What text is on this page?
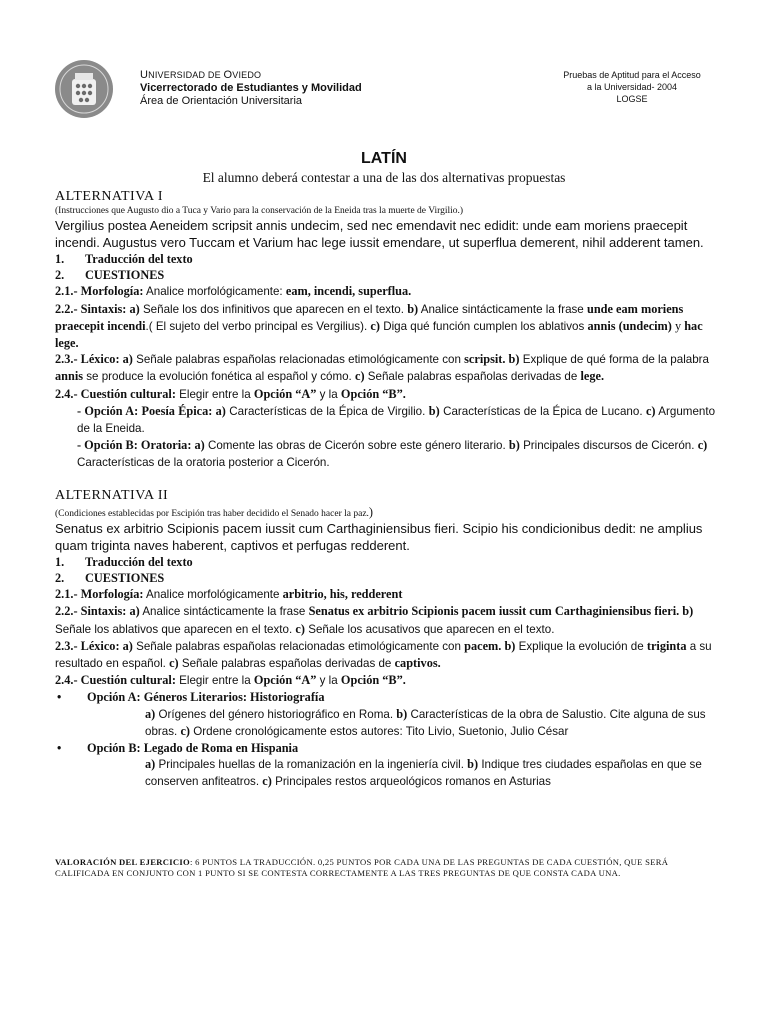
UNIVERSIDAD DE OVIEDO
Vicerrectorado de Estudiantes y Movilidad
Área de Orientación Universitaria
Pruebas de Aptitud para el Acceso
a la Universidad- 2004
LOGSE
LATÍN
El alumno deberá contestar a una de las dos alternativas propuestas

ALTERNATIVA I

(Instrucciones que Augusto dio a Tuca y Vario para la conservación de la Eneida tras la muerte de Virgilio.)

Vergilius postea Aeneidem scripsit annis undecim, sed nec emendavit nec edidit: unde eam moriens praecepit incendi. Augustus vero Tuccam et Varium hac lege iussit emendare, ut superflua demerent, nihil adderent tamen.

1. Traducción del texto

2. CUESTIONES

2.1.- Morfología: Analice morfológicamente: eam, incendi, superflua.

2.2.- Sintaxis: a) Señale los dos infinitivos que aparecen en el texto. b) Analice sintácticamente la frase unde eam moriens praecepit incendi.( El sujeto del verbo principal es Vergilius). c) Diga qué función cumplen los ablativos annis (undecim) y hac lege.

2.3.- Léxico: a) Señale palabras españolas relacionadas etimológicamente con scripsit. b) Explique de qué forma de la palabra annis se produce la evolución fonética al español y cómo. c) Señale palabras españolas derivadas de lege.

2.4.- Cuestión cultural: Elegir entre la Opción “A” y la Opción “B”.

- Opción A: Poesía Épica: a) Características de la Épica de Virgilio. b) Características de la Épica de Lucano. c) Argumento de la Eneida.

- Opción B: Oratoria: a) Comente las obras de Cicerón sobre este género literario. b) Principales discursos de Cicerón. c) Características de la oratoria posterior a Cicerón.

ALTERNATIVA II

(Condiciones establecidas por Escipión tras haber decidido el Senado hacer la paz.)

Senatus ex arbitrio Scipionis pacem iussit cum Carthaginiensibus fieri. Scipio his condicionibus dedit: ne amplius quam triginta naves haberent, captivos et perfugas redderent.

1. Traducción del texto

2. CUESTIONES

2.1.- Morfología: Analice morfológicamente arbitrio, his, redderent

2.2.- Sintaxis: a) Analice sintácticamente la frase Senatus ex arbitrio Scipionis pacem iussit cum Carthaginiensibus fieri. b) Señale los ablativos que aparecen en el texto. c) Señale los acusativos que aparecen en el texto.

2.3.- Léxico: a) Señale palabras españolas relacionadas etimológicamente con pacem. b) Explique la evolución de triginta a su resultado en español. c) Señale palabras españolas derivadas de captivos.

2.4.- Cuestión cultural: Elegir entre la Opción “A” y la Opción “B”.

• Opción A: Géneros Literarios: Historiografía

a) Orígenes del género historiográfico en Roma. b) Características de la obra de Salustio. Cite alguna de sus obras. c) Ordene cronológicamente estos autores: Tito Livio, Suetonio, Julio César

• Opción B: Legado de Roma en Hispania

a) Principales huellas de la romanización en la ingeniería civil. b) Indique tres ciudades españolas en que se conserven anfiteatros. c) Principales restos arqueológicos romanos en Asturias

VALORACIÓN DEL EJERCICIO: 6 PUNTOS LA TRADUCCIÓN. 0,25 PUNTOS POR CADA UNA DE LAS PREGUNTAS DE CADA CUESTIÓN, QUE SERÁ CALIFICADA EN CONJUNTO CON 1 PUNTO SI SE CONTESTA CORRECTAMENTE A LAS TRES PREGUNTAS DE QUE CONSTA CADA UNA.
